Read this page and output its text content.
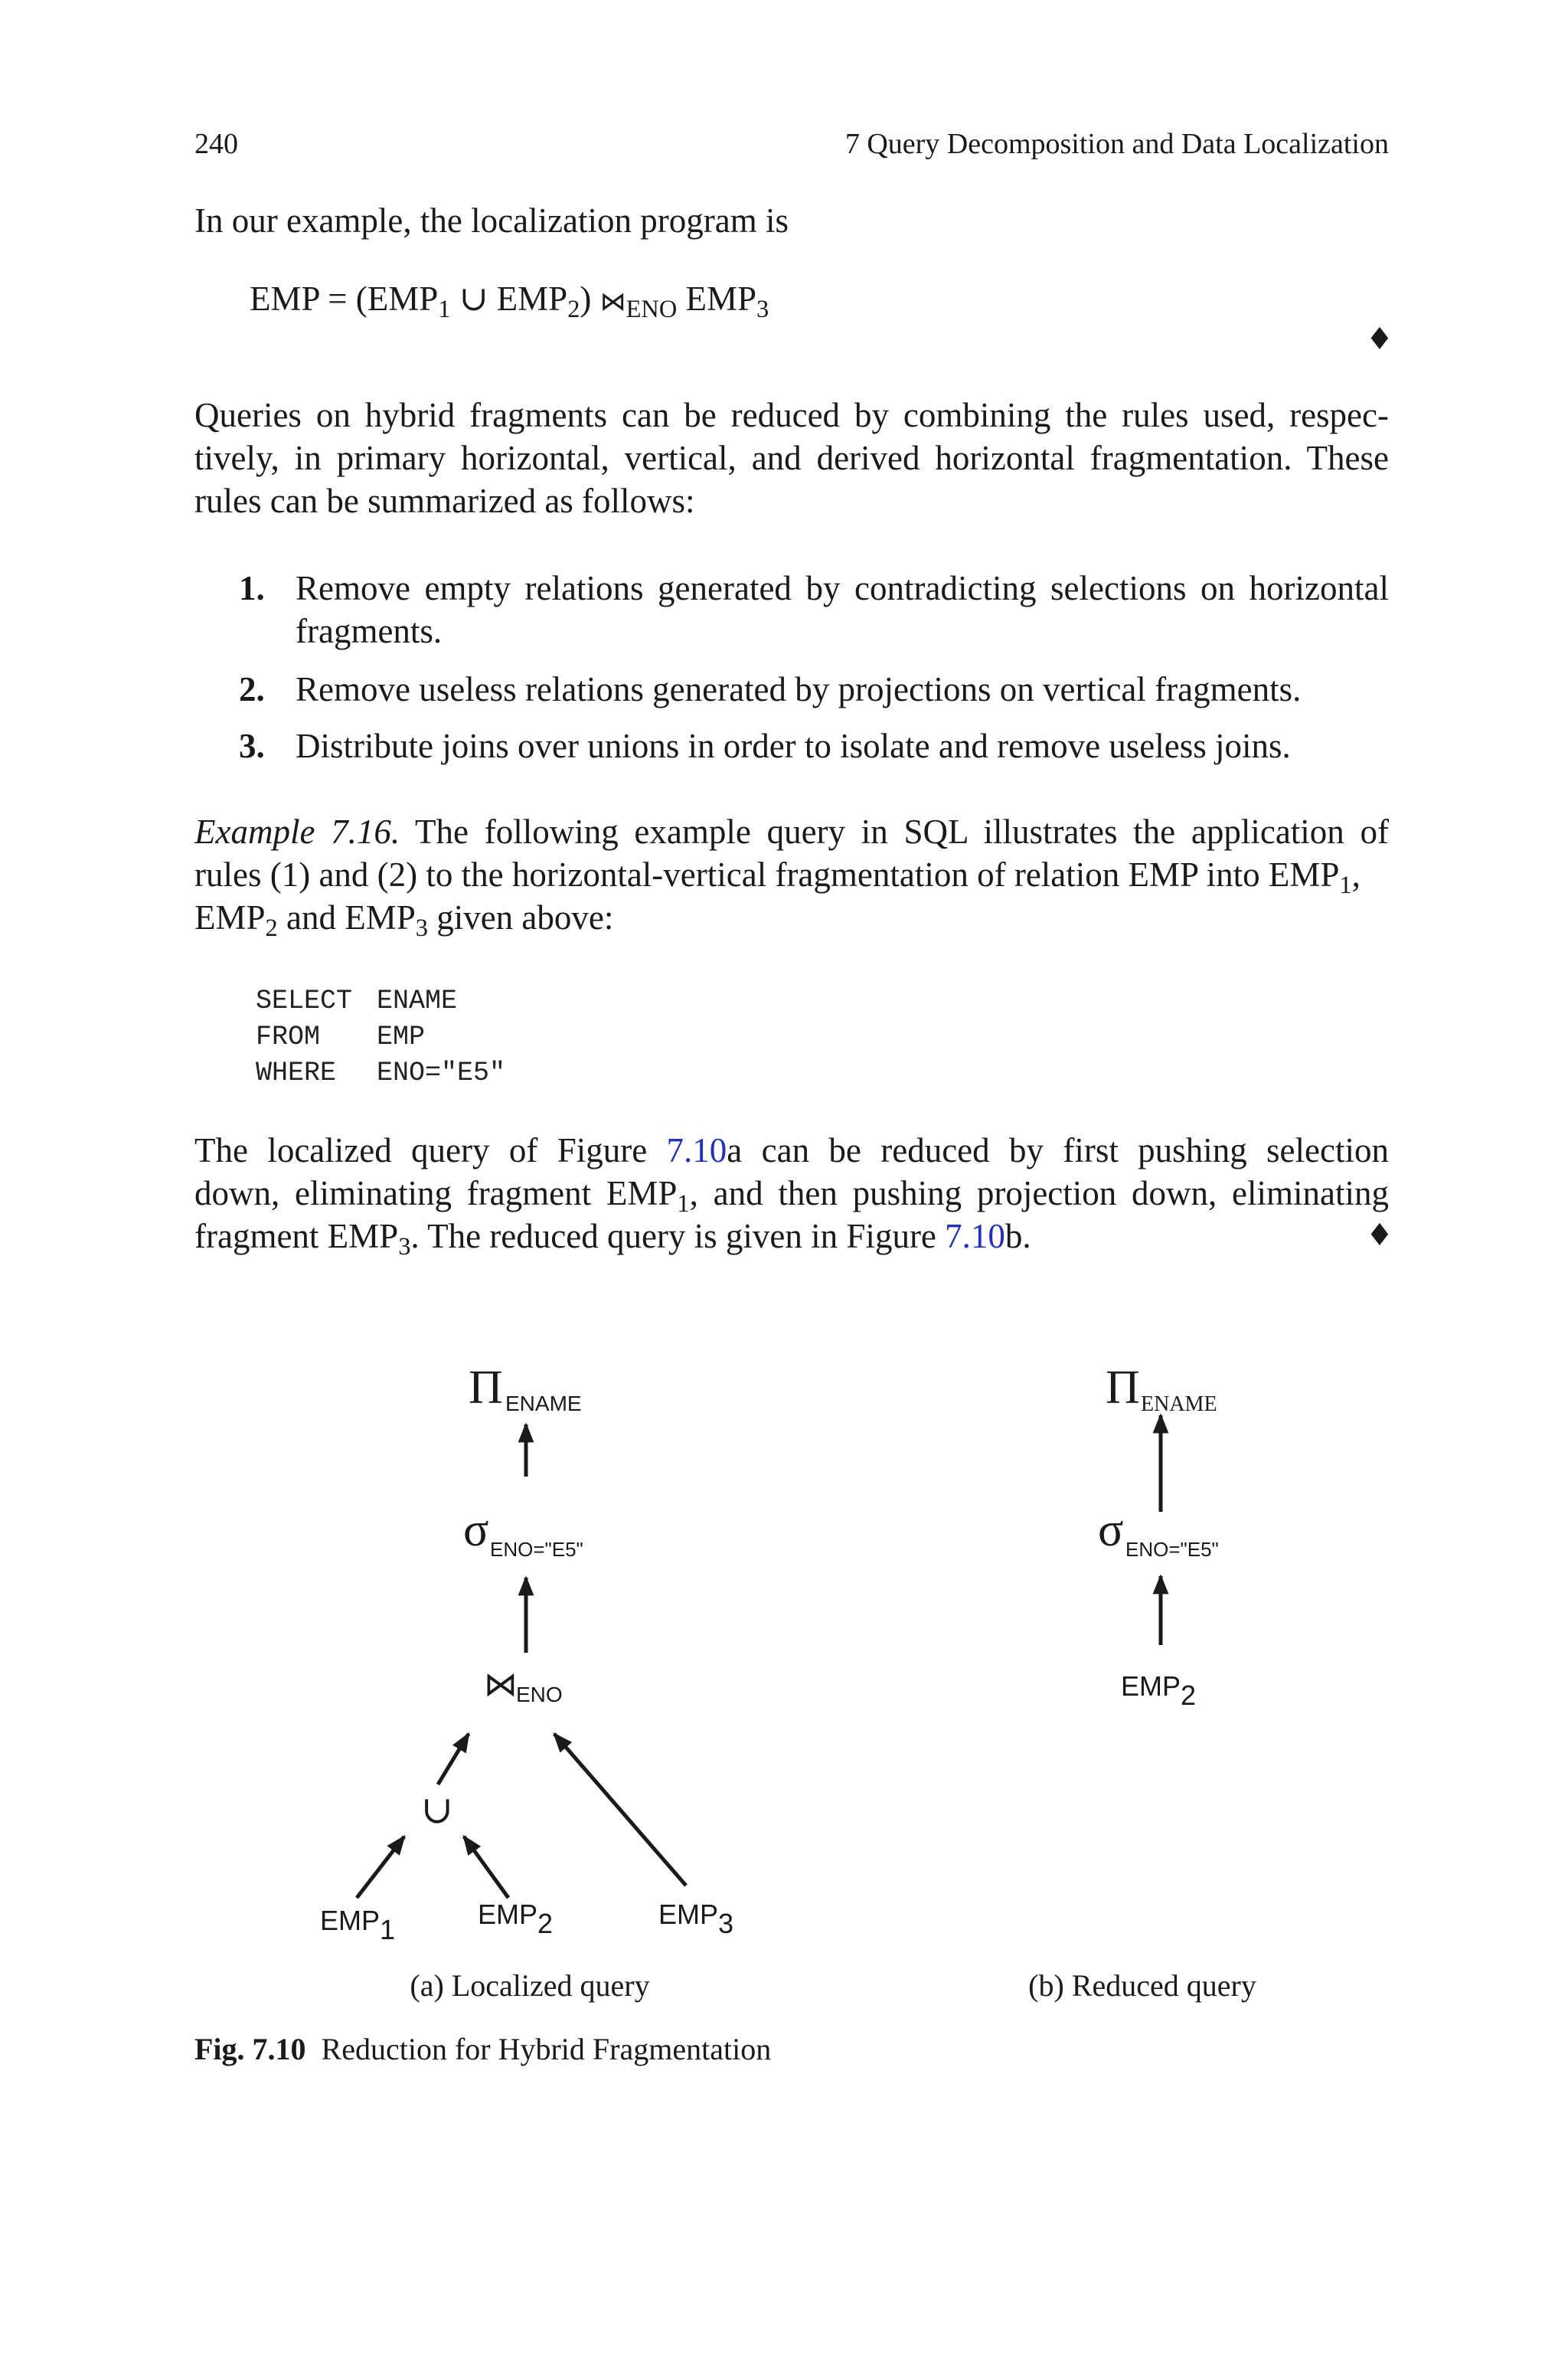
240	7 Query Decomposition and Data Localization
In our example, the localization program is
EMP = ($EMP_1$ ∪ $EMP_2$) $⋈_{ENO}$ $EMP_3$
♦
Queries on hybrid fragments can be reduced by combining the rules used, respec-
tively, in primary horizontal, vertical, and derived horizontal fragmentation. These
rules can be summarized as follows:
1. Remove empty relations generated by contradicting selections on horizontal
fragments.
2. Remove useless relations generated by projections on vertical fragments.
3. Distribute joins over unions in order to isolate and remove useless joins.
Example 7.16. The following example query in SQL illustrates the application of
rules (1) and (2) to the horizontal-vertical fragmentation of relation EMP into $EMP_1$,
$EMP_2$ and $EMP_3$ given above:
SELECT ENAME
FROM EMP
WHERE ENO="E5"
The localized query of Figure 7.10a can be reduced by first pushing selection
down, eliminating fragment $EMP_1$, and then pushing projection down, eliminating
fragment $EMP_3$. The reduced query is given in Figure 7.10b.	♦
Π ENAME
σ ENO="E5"
⋈
ENO
∪
EMP1	EMP2	EMP3
(a) Localized query
Π ENAME
σ ENO="E5"
EMP2
(b) Reduced query
Fig. 7.10 Reduction for Hybrid Fragmentation
